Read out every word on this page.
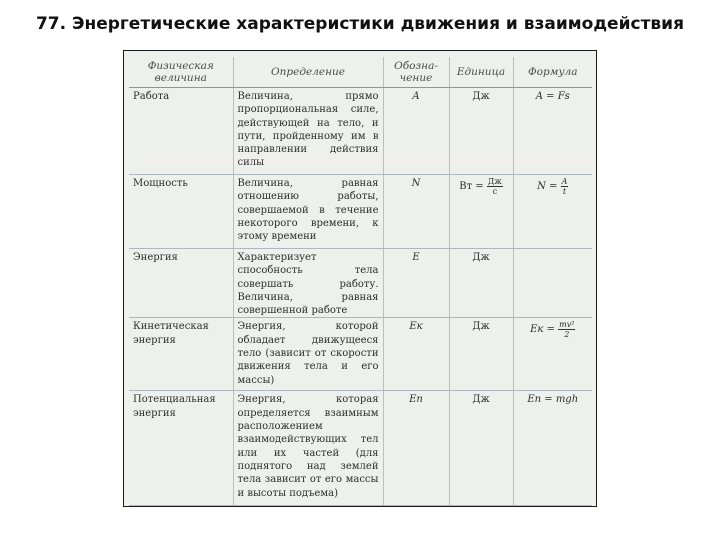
77. Энергетические характеристики движения и взаимодействия
Физическая величина	Определение	Обозна-чение	Единица	Формула
Работа	Величина, прямо пропорциональная силе, действующей на тело, и пути, пройденному им в направлении действия силы	A	Дж	A = Fs
Мощность	Величина, равная отношению работы, совершаемой в течение некоторого времени, к этому времени	N	Вт = $\frac{Дж}{с}$	$N = \frac{A}{t}$

Энергия	Характеризует способность тела совершать работу. Величина, равная совершенной работе	E	Дж	
Кинетическая энергия	Энергия, которой обладает движущееся тело (зависит от скорости движения тела и его массы)	Eк	Дж	Eк = $\frac{\text{mv²}}{2}$

Потенциальная энергия	Энергия, которая определяется взаимным расположением взаимодействующих тел или их частей (для поднятого над землей тела зависит от его массы и высоты подъема)	Eп	Дж	Eп = mgh
